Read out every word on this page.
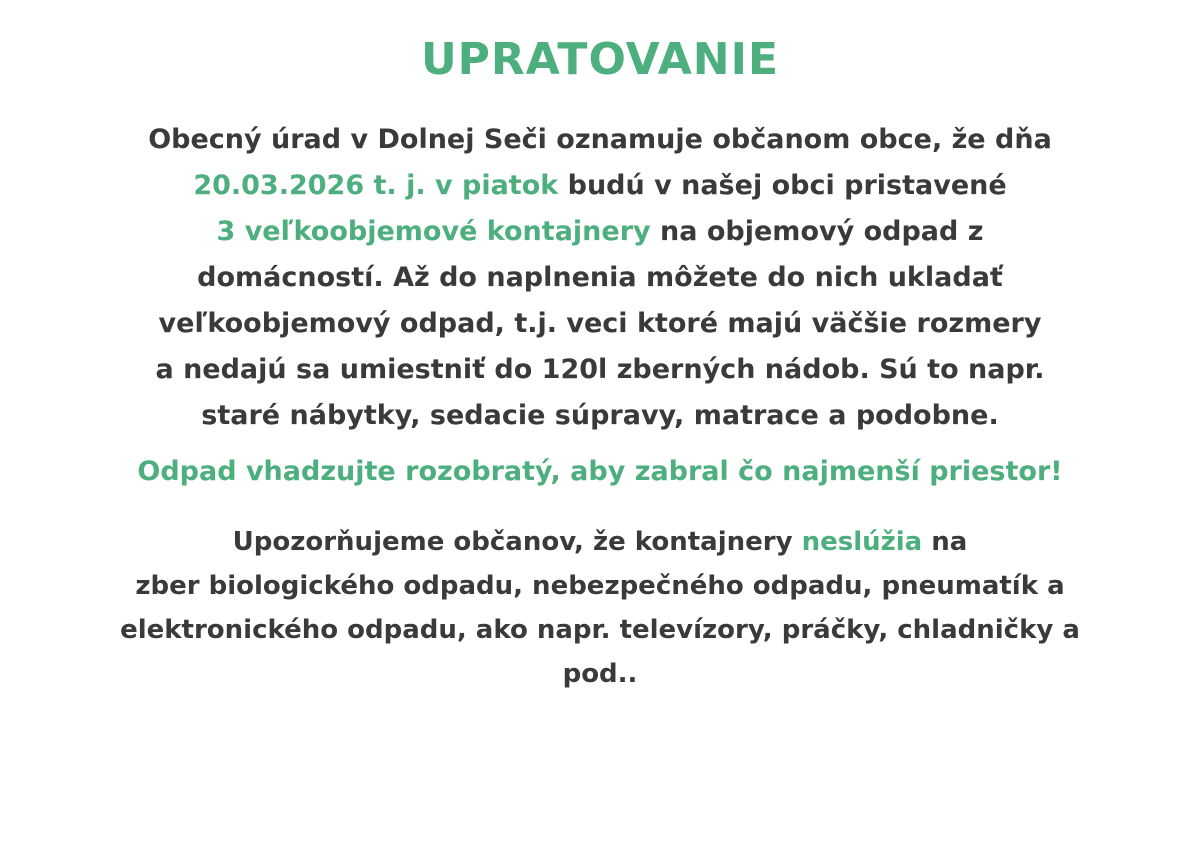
UPRATOVANIE
Obecný úrad v Dolnej Seči oznamuje občanom obce, že dňa
20.03.2026 t. j. v piatok budú v našej obci pristavené
3 veľkoobjemové kontajnery na objemový odpad z
domácností. Až do naplnenia môžete do nich ukladať
veľkoobjemový odpad, t.j. veci ktoré majú väčšie rozmery
a nedajú sa umiestniť do 120l zberných nádob. Sú to napr.
staré nábytky, sedacie súpravy, matrace a podobne.
Odpad vhadzujte rozobratý, aby zabral čo najmenší priestor!
Upozorňujeme občanov, že kontajnery neslúžia na
zber biologického odpadu, nebezpečného odpadu, pneumatík a
elektronického odpadu, ako napr. televízory, práčky, chladničky a
pod..
